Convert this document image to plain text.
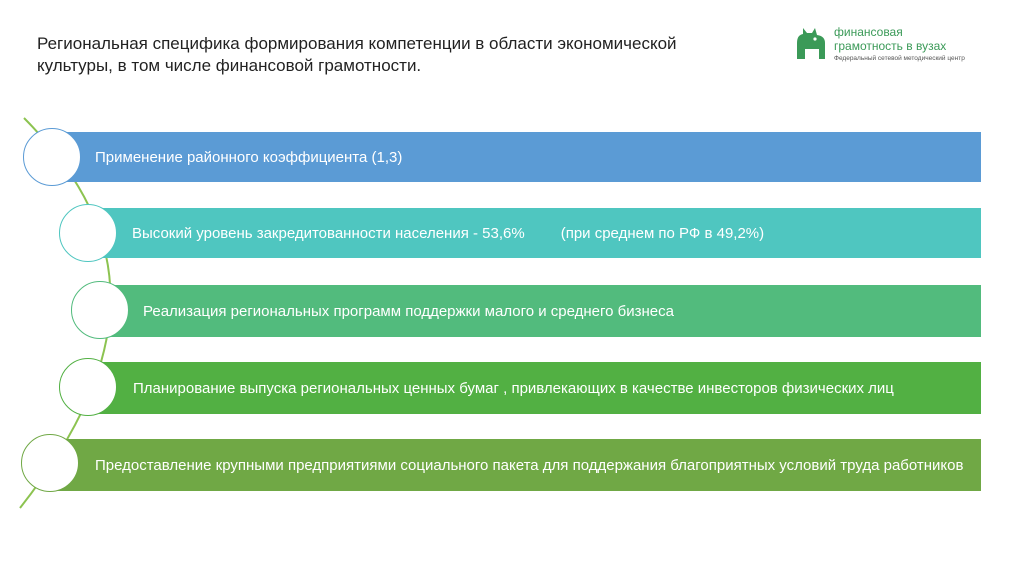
Региональная специфика формирования компетенции в области экономической культуры, в том числе финансовой грамотности.
финансовая
грамотность в вузах
Федеральный сетевой методический центр
Применение районного коэффициента (1,3)
Высокий уровень закредитованности населения - 53,6% (при среднем по РФ в 49,2%)
Реализация региональных программ поддержки малого и среднего бизнеса
Планирование выпуска региональных ценных бумаг , привлекающих в качестве инвесторов физических лиц
Предоставление крупными предприятиями социального пакета для поддержания благоприятных условий труда работников
